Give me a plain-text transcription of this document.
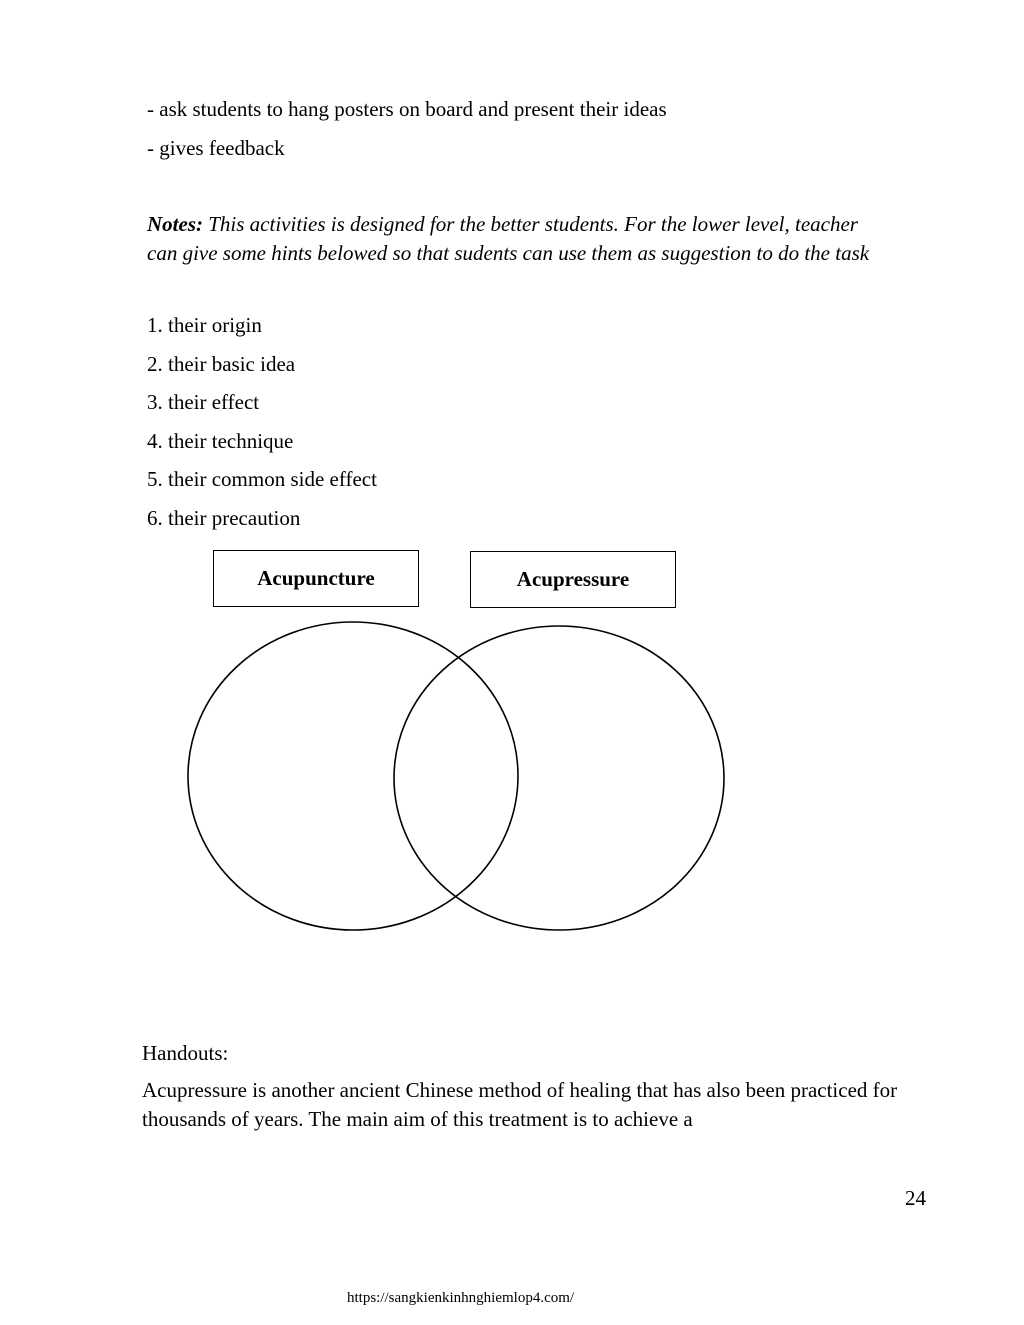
- ask students to hang posters on board and present their ideas
- gives feedback
Notes: This activities is designed for the better students. For the lower level, teacher can give some hints belowed so that sudents can use them as suggestion to do the task
1. their origin
2. their basic idea
3. their effect
4. their technique
5. their common side effect
6. their precaution
Acupuncture	Acupressure
Handouts:
Acupressure is another ancient Chinese method of healing that has also been practiced for thousands of years. The main aim of this treatment is to achieve a
24
https://sangkienkinhnghiemlop4.com/
